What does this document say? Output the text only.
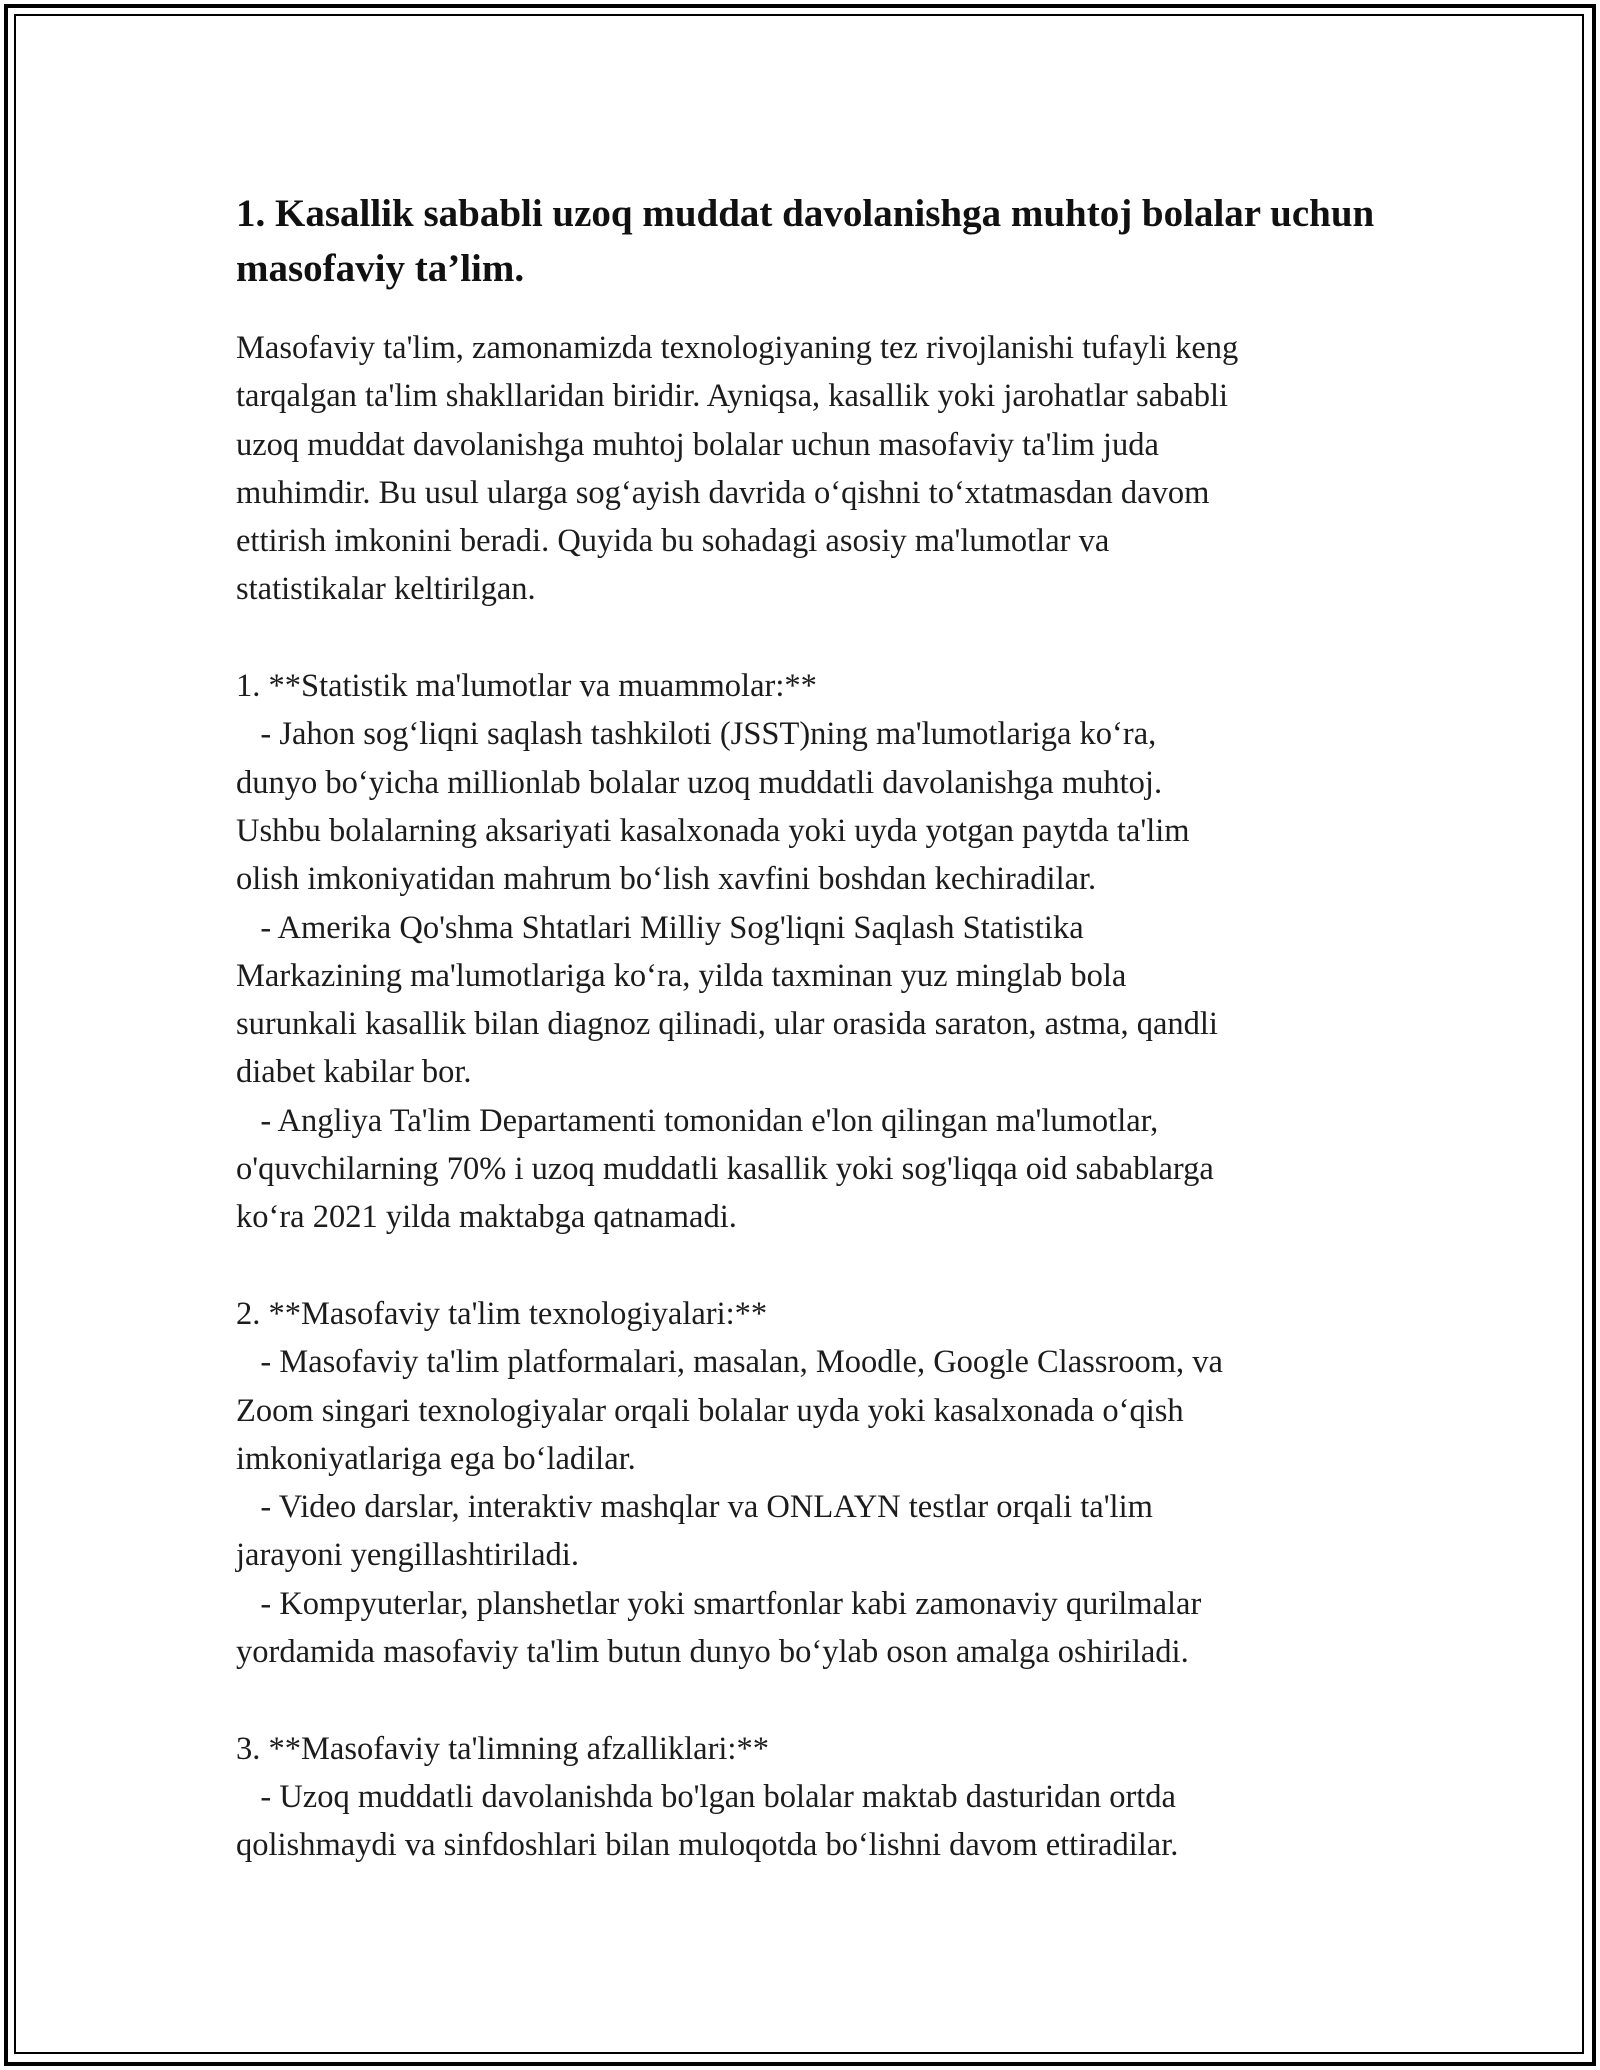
1. Kasallik sababli uzoq muddat davolanishga muhtoj bolalar uchun masofaviy ta’lim.
Masofaviy ta'lim, zamonamizda texnologiyaning tez rivojlanishi tufayli keng
tarqalgan ta'lim shakllaridan biridir. Ayniqsa, kasallik yoki jarohatlar sababli
uzoq muddat davolanishga muhtoj bolalar uchun masofaviy ta'lim juda
muhimdir. Bu usul ularga sog‘ayish davrida o‘qishni to‘xtatmasdan davom
ettirish imkonini beradi. Quyida bu sohadagi asosiy ma'lumotlar va
statistikalar keltirilgan.
1. **Statistik ma'lumotlar va muammolar:**
- Jahon sog‘liqni saqlash tashkiloti (JSST)ning ma'lumotlariga ko‘ra,
dunyo bo‘yicha millionlab bolalar uzoq muddatli davolanishga muhtoj.
Ushbu bolalarning aksariyati kasalxonada yoki uyda yotgan paytda ta'lim
olish imkoniyatidan mahrum bo‘lish xavfini boshdan kechiradilar.
- Amerika Qo'shma Shtatlari Milliy Sog'liqni Saqlash Statistika
Markazining ma'lumotlariga ko‘ra, yilda taxminan yuz minglab bola
surunkali kasallik bilan diagnoz qilinadi, ular orasida saraton, astma, qandli
diabet kabilar bor.
- Angliya Ta'lim Departamenti tomonidan e'lon qilingan ma'lumotlar,
o'quvchilarning 70% i uzoq muddatli kasallik yoki sog'liqqa oid sabablarga
ko‘ra 2021 yilda maktabga qatnamadi.
2. **Masofaviy ta'lim texnologiyalari:**
- Masofaviy ta'lim platformalari, masalan, Moodle, Google Classroom, va
Zoom singari texnologiyalar orqali bolalar uyda yoki kasalxonada o‘qish
imkoniyatlariga ega bo‘ladilar.
- Video darslar, interaktiv mashqlar va ONLAYN testlar orqali ta'lim
jarayoni yengillashtiriladi.
- Kompyuterlar, planshetlar yoki smartfonlar kabi zamonaviy qurilmalar
yordamida masofaviy ta'lim butun dunyo bo‘ylab oson amalga oshiriladi.
3. **Masofaviy ta'limning afzalliklari:**
- Uzoq muddatli davolanishda bo'lgan bolalar maktab dasturidan ortda
qolishmaydi va sinfdoshlari bilan muloqotda bo‘lishni davom ettiradilar.
